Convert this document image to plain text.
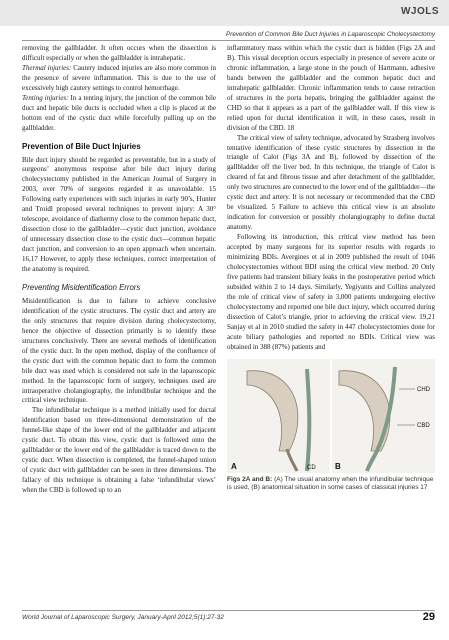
WJOLS
Prevention of Common Bile Duct Injuries in Laparoscopic Cholecystectomy

removing the gallbladder. It often occurs when the dissection is difficult especially or when the gallbladder is intrahepatic.

Thermal injuries: Cautery induced injuries are also more common in the presence of severe inflammation. This is due to the use of excessively high cautery settings to control hemorrhage.

Tenting injuries: In a tenting injury, the junction of the common bile duct and hepatic bile ducts is occluded when a clip is placed at the bottom end of the cystic duct while forcefully pulling up on the gallbladder.

Prevention of Bile Duct Injuries

Bile duct injury should be regarded as preventable, but in a study of surgeons’ anonymous response after bile duct injury during cholecystectomy published in the American Journal of Surgery in 2003, over 70% of surgeons regarded it as unavoidable. 15 Following early experiences with such injuries in early 90’s, Hunter and Troidl proposed several techniques to prevent injury: A 30° telescope, avoidance of diathermy close to the common hepatic duct, dissection close to the gallbladder—cystic duct junction, avoidance of unnecessary dissection close to the cystic duct—common hepatic duct junction, and conversion to an open approach when uncertain. 16,17 However, to apply these techniques, correct interpretation of the anatomy is required.

Preventing Misidentification Errors

Misidentification is due to failure to achieve conclusive identification of the cystic structures. The cystic duct and artery are the only structures that require division during cholecystectomy, hence the objective of dissection primarily is to identify these structures conclusively. There are several methods of identification of the cystic duct. In the open method, display of the confluence of the cystic duct with the common hepatic duct to form the common bile duct was used which is considered not safe in the laparoscopic method. In the laparoscopic form of surgery, techniques used are intraoperative cholangiography, the infundibular technique and the critical view technique.

The infundibular technique is a method initially used for ductal identification based on three-dimensional demonstration of the funnel-like shape of the lower end of the gallbladder and adjacent cystic duct. To obtain this view, cystic duct is followed onto the gallbladder or the lower end of the gallbladder is traced down to the cystic duct. When dissection is completed, the funnel-shaped union of cystic duct with gallbladder can be seen in three dimensions. The fallacy of this technique is obtaining a false ‘infundibular views’ when the CBD is followed up to an

inflammatory mass within which the cystic duct is hidden (Figs 2A and B). This visual deception occurs especially in presence of severe acute or chronic inflammation, a large stone in the pouch of Hartmann, adhesive bands between the gallbladder and the common hepatic duct and intrahepatic gallbladder. Chronic inflammation tends to cause retraction of structures in the porta hepatis, bringing the gallbladder against the CHD so that it appears as a part of the gallbladder wall. If this view is relied upon for ductal identification it will, in these cases, result in division of the CBD. 18

The critical view of safety technique, advocated by Strasberg involves tentative identification of these cystic structures by dissection in the triangle of Calot (Figs 3A and B), followed by dissection of the gallbladder off the liver bed. In this technique, the triangle of Calot is cleared of fat and fibrous tissue and after detachment of the gallbladder, only two structures are connected to the lower end of the gallbladder—the cystic duct and artery. It is not necessary or recommended that the CBD be visualized. 5 Failure to achieve this critical view is an absolute indication for conversion or possibly cholangiography to define ductal anatomy.

Following its introduction, this critical view method has been accepted by many surgeons for its superior results with regards to minimizing BDIs. Avergines et al in 2009 published the result of 1046 cholecystectomies without BDI using the critical view method. 20 Only five patients had transient biliary leaks in the postoperative period which subsided within 2 to 14 days. Similarly, Yegiyants and Collins analyzed the role of critical view of safety in 3,000 patients undergoing elective cholecystectomy and reported one bile duct injury, which occurred during dissection of Calot’s triangle, prior to achieving the critical view. 19,21 Sanjay et al in 2010 studied the safety in 447 cholecystectomies done for acute biliary pathologies and reported no BDIs. Critical view was obtained in 388 (87%) patients and

A	CD B
CHD
CBD
Figs 2A and B: (A) The usual anatomy when the infundibular technique is used, (B) anatomical situation in some cases of classical injuries 17
World Journal of Laparoscopic Surgery, January-April 2012;5(1):27-32	29
